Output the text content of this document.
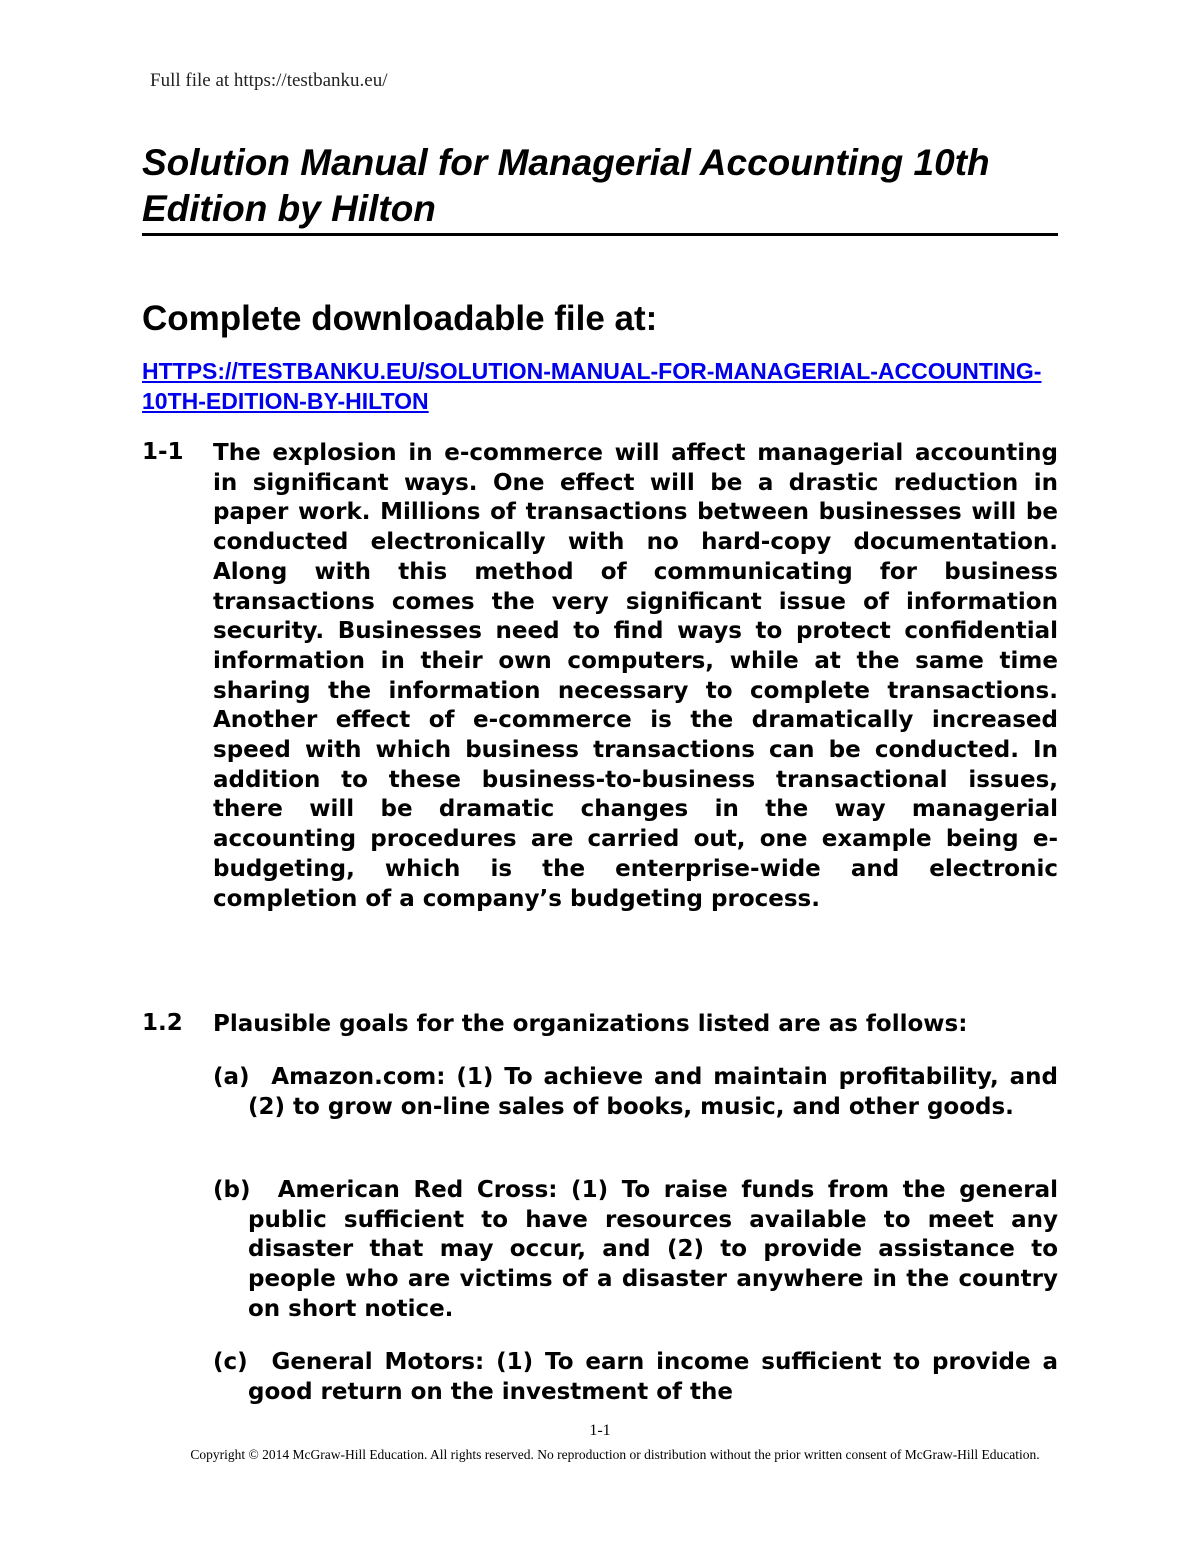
Full file at https://testbanku.eu/
Solution Manual for Managerial Accounting 10th Edition by Hilton
Complete downloadable file at:
HTTPS://TESTBANKU.EU/SOLUTION-MANUAL-FOR-MANAGERIAL-ACCOUNTING-10TH-EDITION-BY-HILTON
1-1 The explosion in e-commerce will affect managerial accounting in significant ways. One effect will be a drastic reduction in paper work. Millions of transactions between businesses will be conducted electronically with no hard-copy documentation. Along with this method of communicating for business transactions comes the very significant issue of information security. Businesses need to find ways to protect confidential information in their own computers, while at the same time sharing the information necessary to complete transactions. Another effect of e-commerce is the dramatically increased speed with which business transactions can be conducted. In addition to these business-to-business transactional issues, there will be dramatic changes in the way managerial accounting procedures are carried out, one example being e-budgeting, which is the enterprise-wide and electronic completion of a company’s budgeting process.
1.2 Plausible goals for the organizations listed are as follows:
(a) Amazon.com: (1) To achieve and maintain profitability, and (2) to grow on-line sales of books, music, and other goods.
(b) American Red Cross: (1) To raise funds from the general public sufficient to have resources available to meet any disaster that may occur, and (2) to provide assistance to people who are victims of a disaster anywhere in the country on short notice.
(c) General Motors: (1) To earn income sufficient to provide a good return on the investment of the
1-1
Copyright © 2014 McGraw-Hill Education. All rights reserved. No reproduction or distribution without the prior written consent of McGraw-Hill Education.
